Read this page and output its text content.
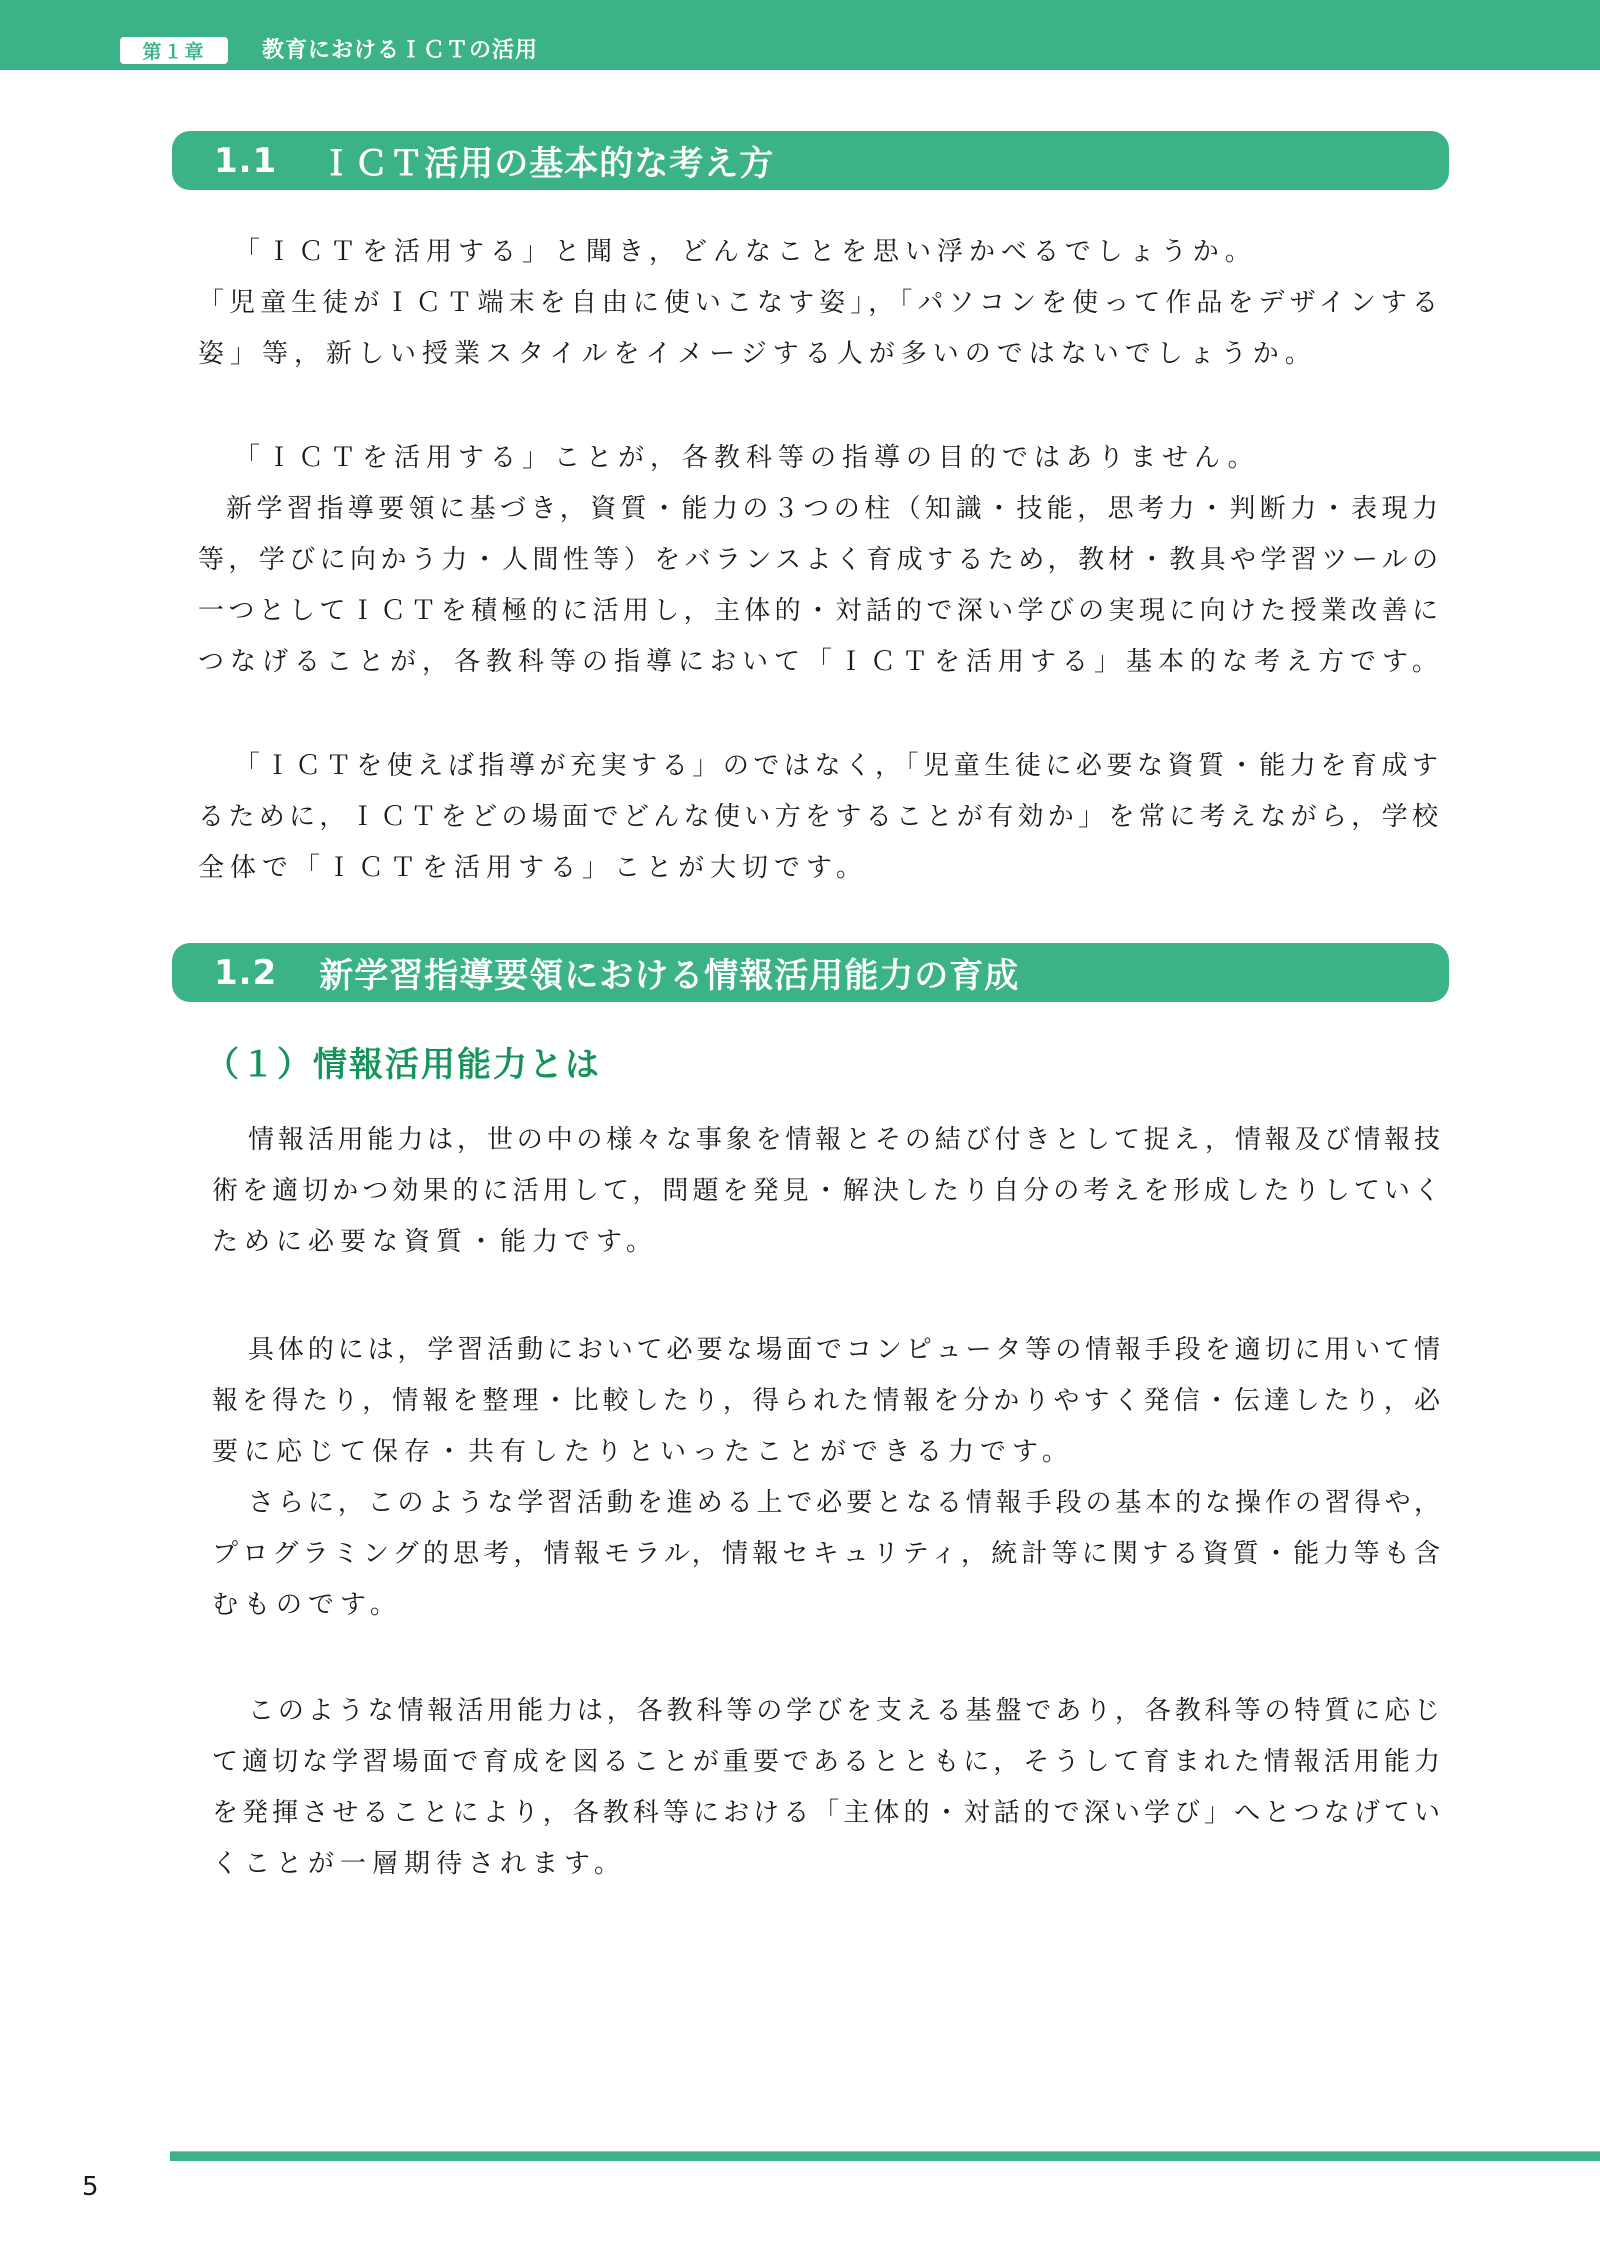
第１章	教育におけるＩＣＴの活用
1.1 ＩＣＴ活用の基本的な考え方
「ＩＣＴを活用する」と聞き，どんなことを思い浮かべるでしょうか。
「児童生徒がＩＣＴ端末を自由に使いこなす姿」，「パソコンを使って作品をデザインする
姿」等，新しい授業スタイルをイメージする人が多いのではないでしょうか。
「ＩＣＴを活用する」ことが，各教科等の指導の目的ではありません。
新学習指導要領に基づき，資質・能力の３つの柱（知識・技能，思考力・判断力・表現力
等，学びに向かう力・人間性等）をバランスよく育成するため，教材・教具や学習ツールの
一つとしてＩＣＴを積極的に活用し，主体的・対話的で深い学びの実現に向けた授業改善に
つなげることが，各教科等の指導において「ＩＣＴを活用する」基本的な考え方です。
「ＩＣＴを使えば指導が充実する」のではなく，「児童生徒に必要な資質・能力を育成す
るために，ＩＣＴをどの場面でどんな使い方をすることが有効か」を常に考えながら，学校
全体で「ＩＣＴを活用する」ことが大切です。
1.2 新学習指導要領における情報活用能力の育成
（１）情報活用能力とは
情報活用能力は，世の中の様々な事象を情報とその結び付きとして捉え，情報及び情報技
術を適切かつ効果的に活用して，問題を発見・解決したり自分の考えを形成したりしていく
ために必要な資質・能力です。
具体的には，学習活動において必要な場面でコンピュータ等の情報手段を適切に用いて情
報を得たり，情報を整理・比較したり，得られた情報を分かりやすく発信・伝達したり，必
要に応じて保存・共有したりといったことができる力です。
さらに，このような学習活動を進める上で必要となる情報手段の基本的な操作の習得や，
プログラミング的思考，情報モラル，情報セキュリティ，統計等に関する資質・能力等も含
むものです。
このような情報活用能力は，各教科等の学びを支える基盤であり，各教科等の特質に応じ
て適切な学習場面で育成を図ることが重要であるとともに，そうして育まれた情報活用能力
を発揮させることにより，各教科等における「主体的・対話的で深い学び」へとつなげてい
くことが一層期待されます。
5
